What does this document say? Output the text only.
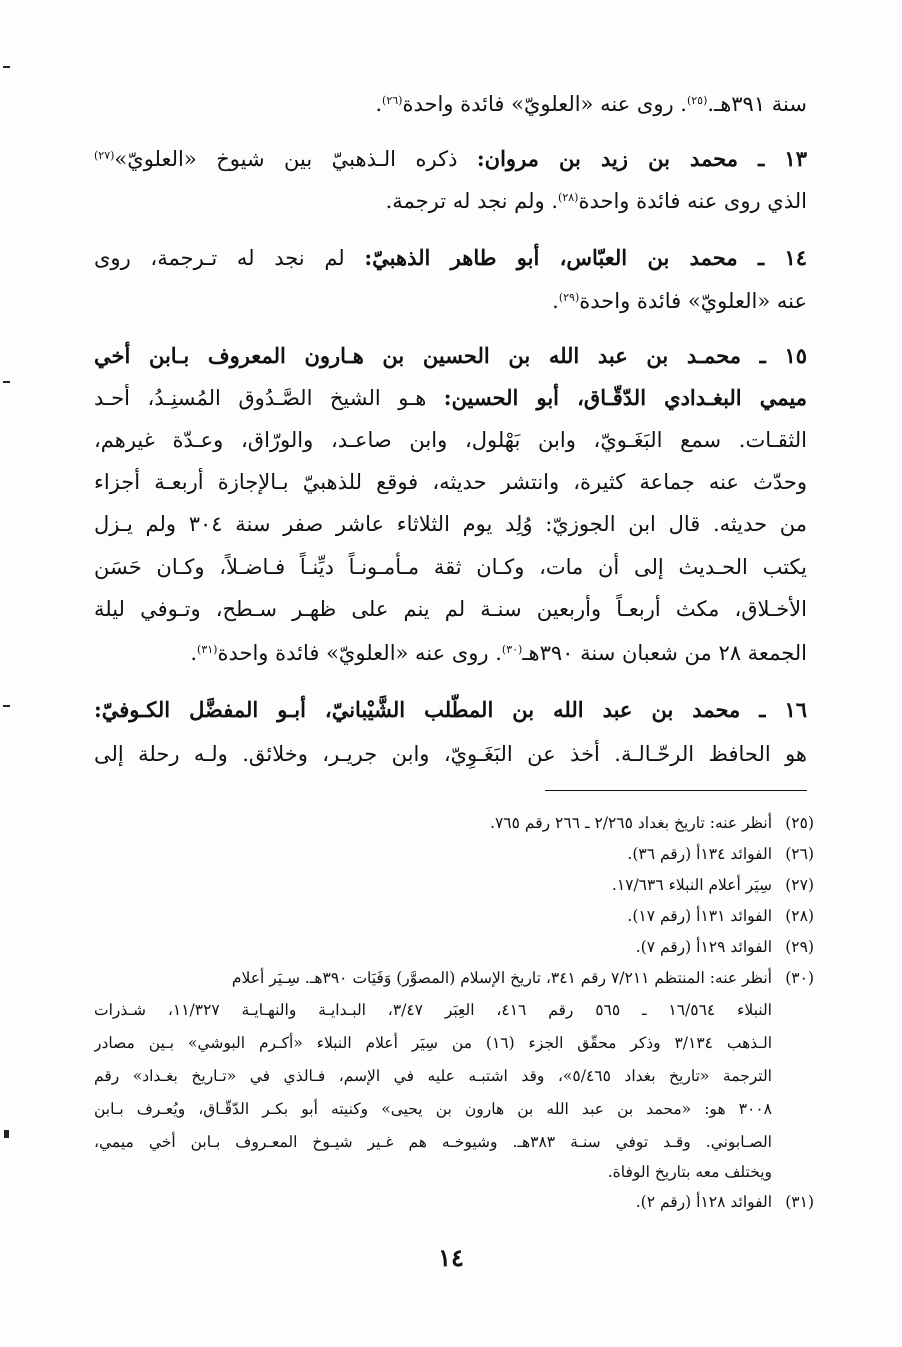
سنة ٣٩١هـ.$^{(٢٥)}$. روى عنه «العلويّ» فائدة واحدة$^{(٢٦)}$.
١٣ ـ محمد بن زيد بن مروان: ذكره الـذهبيّ بين شيوخ «العلويّ»$^{(٢٧)}$
الذي روى عنه فائدة واحدة$^{(٢٨)}$. ولم نجد له ترجمة.
١٤ ـ محمد بن العبّاس، أبو طاهر الذهبيّ: لم نجد له تـرجمة، روى
عنه «العلويّ» فائدة واحدة$^{(٢٩)}$.
١٥ ـ محمـد بن عبد الله بن الحسين بن هـارون المعروف بـابن أخي
ميمي البغـدادي الدّقّـاق، أبو الحسين: هـو الشيخ الصَّـدُوق المُسنِـدُ، أحـد
الثقـات. سمع البَغَـويّ، وابن بَهْلول، وابن صاعـد، والورّاق، وعـدّة غيرهم،
وحدّث عنه جماعة كثيرة، وانتشر حديثه، فوقع للذهبيّ بـالإجازة أربعـة أجزاء
من حديثه. قال ابن الجوزيّ: وُلِد يوم الثلاثاء عاشر صفر سنة ٣٠٤ ولم يـزل
يكتب الحـديث إلى أن مات، وكـان ثقة مـأمـونـاً ديِّنـاً فـاضـلاً، وكـان حَسَن
الأخـلاق، مكث أربعـاً وأربعين سنـة لم ينم على ظهـر سـطح، وتـوفي ليلة
الجمعة ٢٨ من شعبان سنة ٣٩٠هـ$^{(٣٠)}$. روى عنه «العلويّ» فائدة واحدة$^{(٣١)}$.
١٦ ـ محمد بن عبد الله بن المطّلب الشَّيْبانيّ، أبـو المفضَّل الكـوفيّ:
هو الحافظ الرحّـالـة. أخذ عن البَغَـوِيّ، وابن جريـر، وخلائق. ولـه رحلة إلى
(٢٥)أنظر عنه: تاريخ بغداد ٢/٢٦٥ ـ ٢٦٦ رقم ٧٦٥.
(٢٦)الفوائد ١٣٤أ (رقم ٣٦).
(٢٧)سِيَر أعلام النبلاء ١٧/٦٣٦.
(٢٨)الفوائد ١٣١أ (رقم ١٧).
(٢٩)الفوائد ١٢٩أ (رقم ٧).
(٣٠)أنظر عنه: المنتظم ٧/٢١١ رقم ٣٤١، تاريخ الإسلام (المصوَّر) وَفَيَات ٣٩٠هـ. سِـيَر أعلام
النبلاء ١٦/٥٦٤ ـ ٥٦٥ رقم ٤١٦، العِبَر ٣/٤٧، البـدايـة والنهـايـة ١١/٣٢٧، شـذرات
الـذهب ٣/١٣٤ وذكر محقّق الجزء (١٦) من سِيَر أعلام النبلاء «أكـرم البوشي» بـين مصادر
الترجمة «تاريخ بغداد ٥/٤٦٥»، وقد اشتبـه عليه في الإسم، فـالذي في «تـاريخ بغـداد» رقم
٣٠٠٨ هو: «محمد بن عبد الله بن هارون بن يحيى» وكنيته أبو بكـر الدّقّـاق، ويُعـرف بـابن
الصـابوني. وقـد توفي سنـة ٣٨٣هـ. وشيوخـه هم غـير شيـوخ المعـروف بـابن أخي ميمي،
ويختلف معه بتاريخ الوفاة.
(٣١)الفوائد ١٢٨أ (رقم ٢).
١٤
